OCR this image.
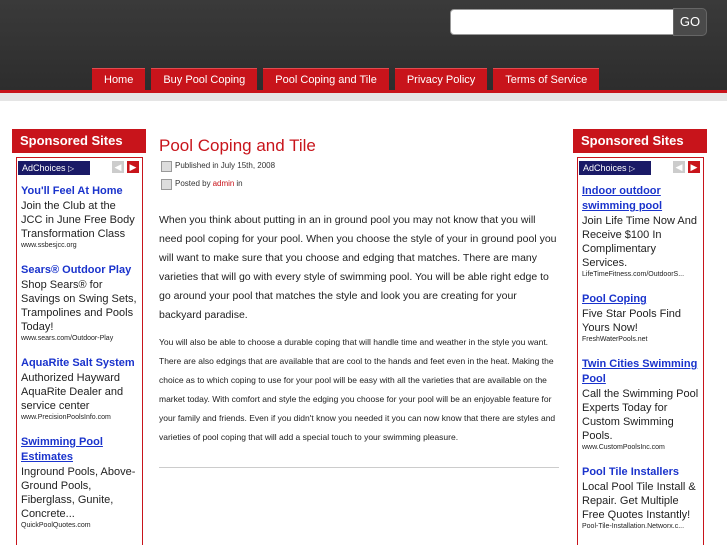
GO
Home	Buy Pool Coping	Pool Coping and Tile	Privacy Policy	Terms of Service
Sponsored Sites
AdChoices ▷	◀ ▶
You'll Feel At Home
Join the Club at the JCC in June Free Body Transformation Class
www.ssbesjcc.org
Sears® Outdoor Play
Shop Sears® for Savings on Swing Sets, Trampolines and Pools Today!
www.sears.com/Outdoor-Play
AquaRite Salt System
Authorized Hayward AquaRite Dealer and service center
www.PrecisionPoolsInfo.com
Swimming Pool Estimates
Inground Pools, Above-Ground Pools, Fiberglass, Gunite, Concrete...
QuickPoolQuotes.com
Pool Coping and Tile
Published in July 15th, 2008
Posted by admin in

When you think about putting in an in ground pool you may not know that you will need pool coping for your pool. When you choose the style of your in ground pool you will want to make sure that you choose and edging that matches. There are many varieties that will go with every style of swimming pool. You will be able right edge to go around your pool that matches the style and look you are creating for your backyard paradise.

You will also be able to choose a durable coping that will handle time and weather in the style you want. There are also edgings that are available that are cool to the hands and feet even in the heat. Making the choice as to which coping to use for your pool will be easy with all the varieties that are available on the market today. With comfort and style the edging you choose for your pool will be an enjoyable feature for your family and friends. Even if you didn't know you needed it you can now know that there are styles and varieties of pool coping that will add a special touch to your swimming pleasure.

Sponsored Sites
AdChoices ▷	◀ ▶
Indoor outdoor swimming pool
Join Life Time Now And Receive $100 In Complimentary Services.
LifeTimeFitness.com/OutdoorS...
Pool Coping
Five Star Pools Find Yours Now!
FreshWaterPools.net
Twin Cities Swimming Pool
Call the Swimming Pool Experts Today for Custom Swimming Pools.
www.CustomPoolsInc.com
Pool Tile Installers
Local Pool Tile Install & Repair. Get Multiple Free Quotes Instantly!
Pool-Tile-Installation.Networx.c...
